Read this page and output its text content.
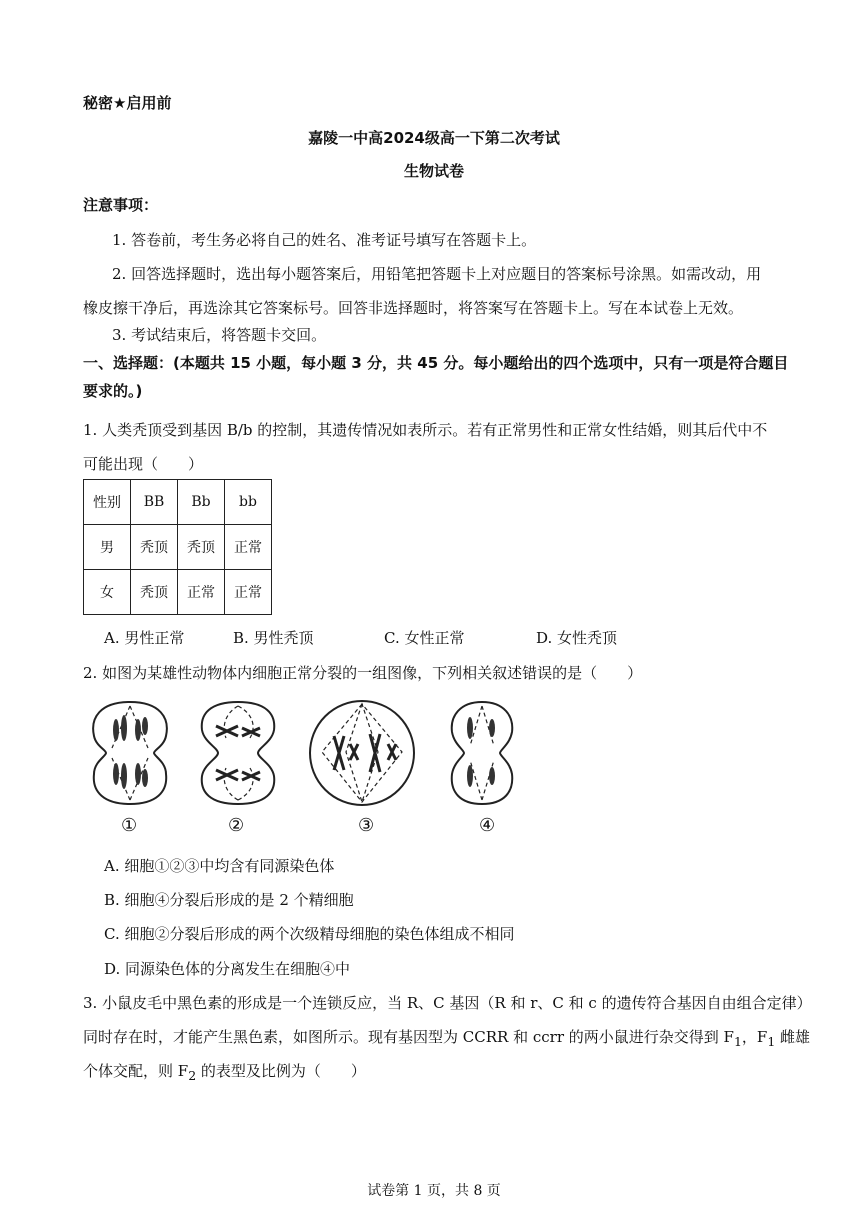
秘密★启用前
嘉陵一中高2024级高一下第二次考试
生物试卷
注意事项：
1. 答卷前，考生务必将自己的姓名、准考证号填写在答题卡上。
2. 回答选择题时，选出每小题答案后，用铅笔把答题卡上对应题目的答案标号涂黑。如需改动，用
橡皮擦干净后，再选涂其它答案标号。回答非选择题时，将答案写在答题卡上。写在本试卷上无效。
3. 考试结束后，将答题卡交回。
一、选择题：(本题共 15 小题，每小题 3 分，共 45 分。每小题给出的四个选项中，只有一项是符合题目
要求的。)
1. 人类秃顶受到基因 B/b 的控制，其遗传情况如表所示。若有正常男性和正常女性结婚，则其后代中不
可能出现（　　）
性别	BB	Bb	bb
男	秃顶	秃顶	正常
女	秃顶	正常	正常
A. 男性正常	B. 男性秃顶	C. 女性正常	D. 女性秃顶
2. 如图为某雄性动物体内细胞正常分裂的一组图像，下列相关叙述错误的是（　　）
①	②	③	④
A. 细胞①②③中均含有同源染色体
B. 细胞④分裂后形成的是 2 个精细胞
C. 细胞②分裂后形成的两个次级精母细胞的染色体组成不相同
D. 同源染色体的分离发生在细胞④中
3. 小鼠皮毛中黑色素的形成是一个连锁反应，当 R、C 基因（R 和 r、C 和 c 的遗传符合基因自由组合定律）
同时存在时，才能产生黑色素，如图所示。现有基因型为 CCRR 和 ccrr 的两小鼠进行杂交得到 $F_1$，$F_1$ 雌雄
个体交配，则 $F_2$ 的表型及比例为（　　）
试卷第 1 页，共 8 页
